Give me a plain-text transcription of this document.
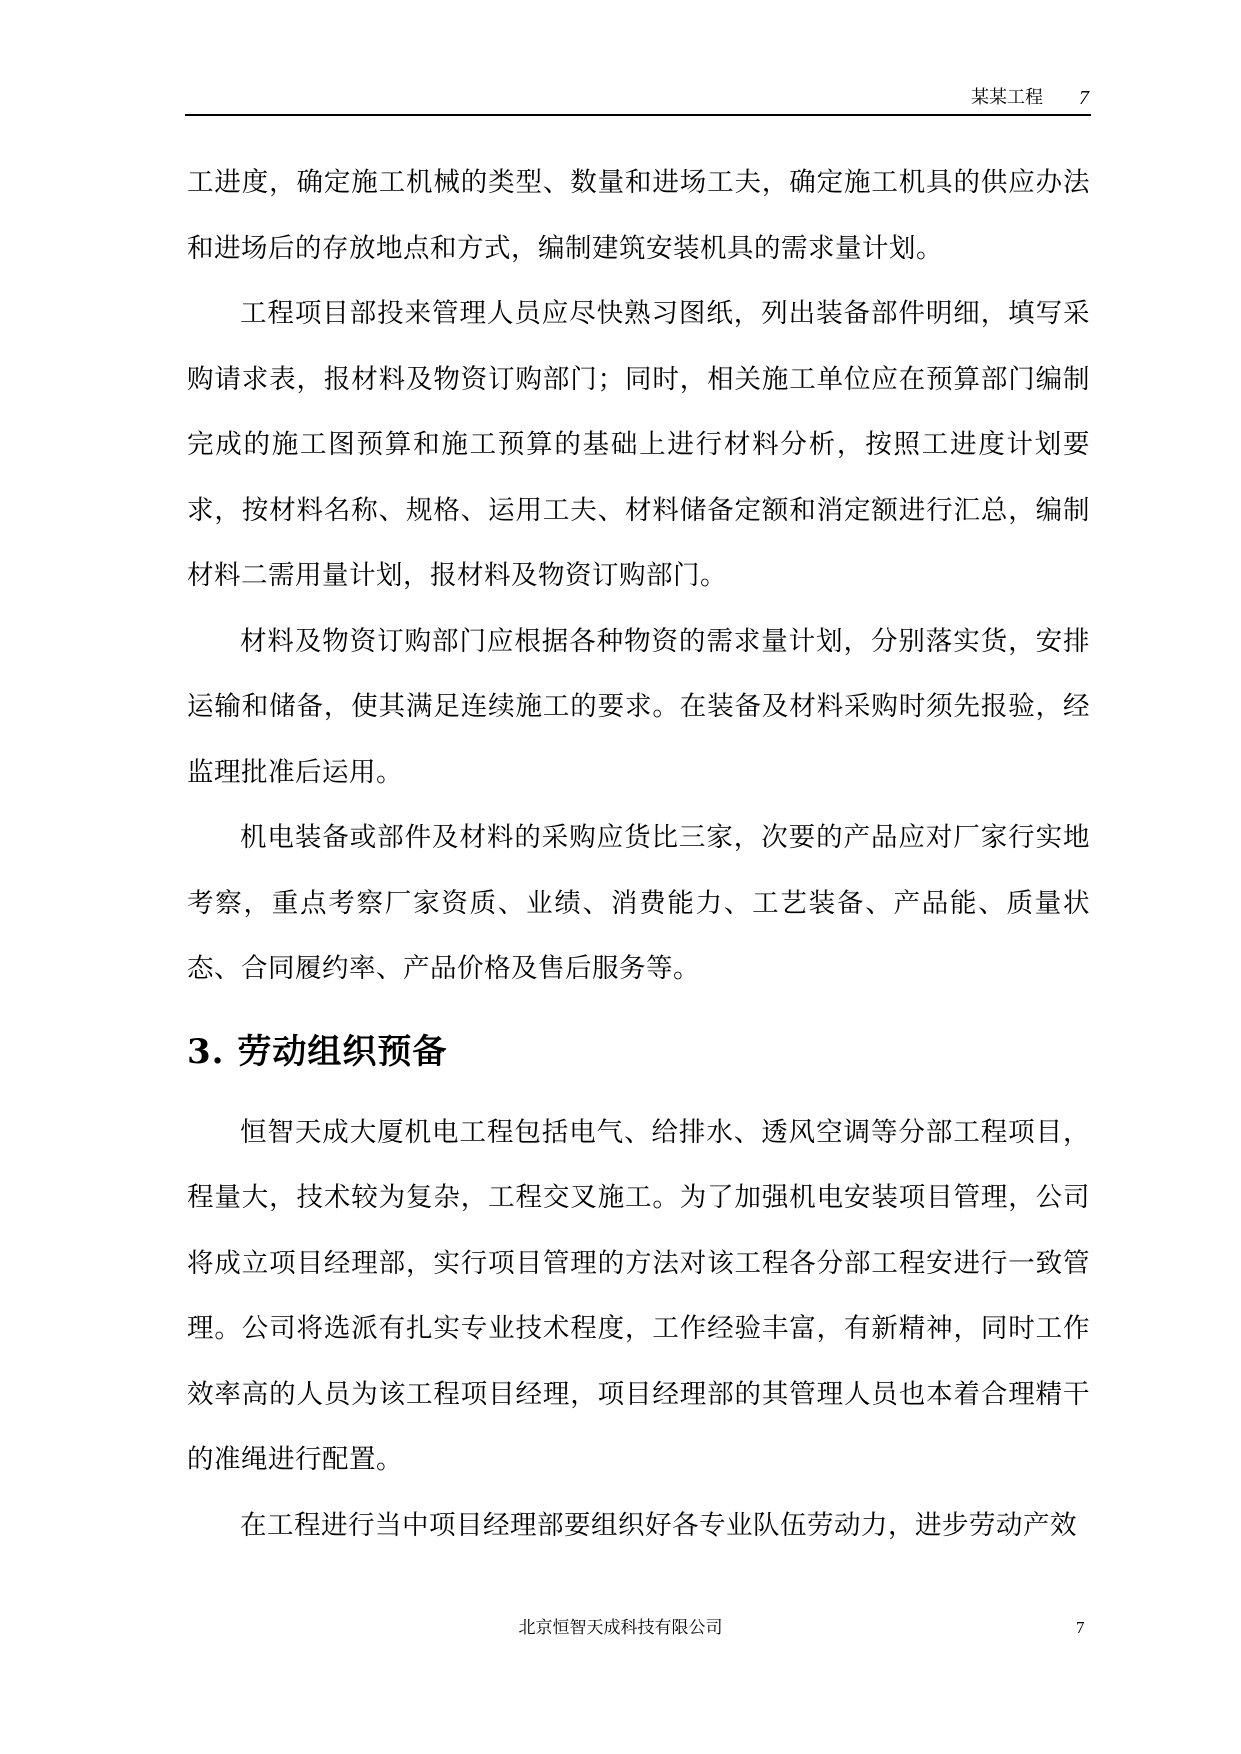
某某工程 7

工进度，确定施工机械的类型、数量和进场工夫，确定施工机具的供应办法和进场后的存放地点和方式，编制建筑安装机具的需求量计划。

工程项目部投来管理人员应尽快熟习图纸，列出装备部件明细，填写采购请求表，报材料及物资订购部门；同时，相关施工单位应在预算部门编制完成的施工图预算和施工预算的基础上进行材料分析，按照工进度计划要求，按材料名称、规格、运用工夫、材料储备定额和消定额进行汇总，编制材料二需用量计划，报材料及物资订购部门。

材料及物资订购部门应根据各种物资的需求量计划，分别落实货，安排运输和储备，使其满足连续施工的要求。在装备及材料采购时须先报验，经监理批准后运用。

机电装备或部件及材料的采购应货比三家，次要的产品应对厂家行实地考察，重点考察厂家资质、业绩、消费能力、工艺装备、产品能、质量状态、合同履约率、产品价格及售后服务等。

3. 劳动组织预备

恒智天成大厦机电工程包括电气、给排水、透风空调等分部工程项目，程量大，技术较为复杂，工程交叉施工。为了加强机电安装项目管理，公司将成立项目经理部，实行项目管理的方法对该工程各分部工程安进行一致管理。公司将选派有扎实专业技术程度，工作经验丰富，有新精神，同时工作效率高的人员为该工程项目经理，项目经理部的其管理人员也本着合理精干的准绳进行配置。

在工程进行当中项目经理部要组织好各专业队伍劳动力，进步劳动产效

北京恒智天成科技有限公司	7
